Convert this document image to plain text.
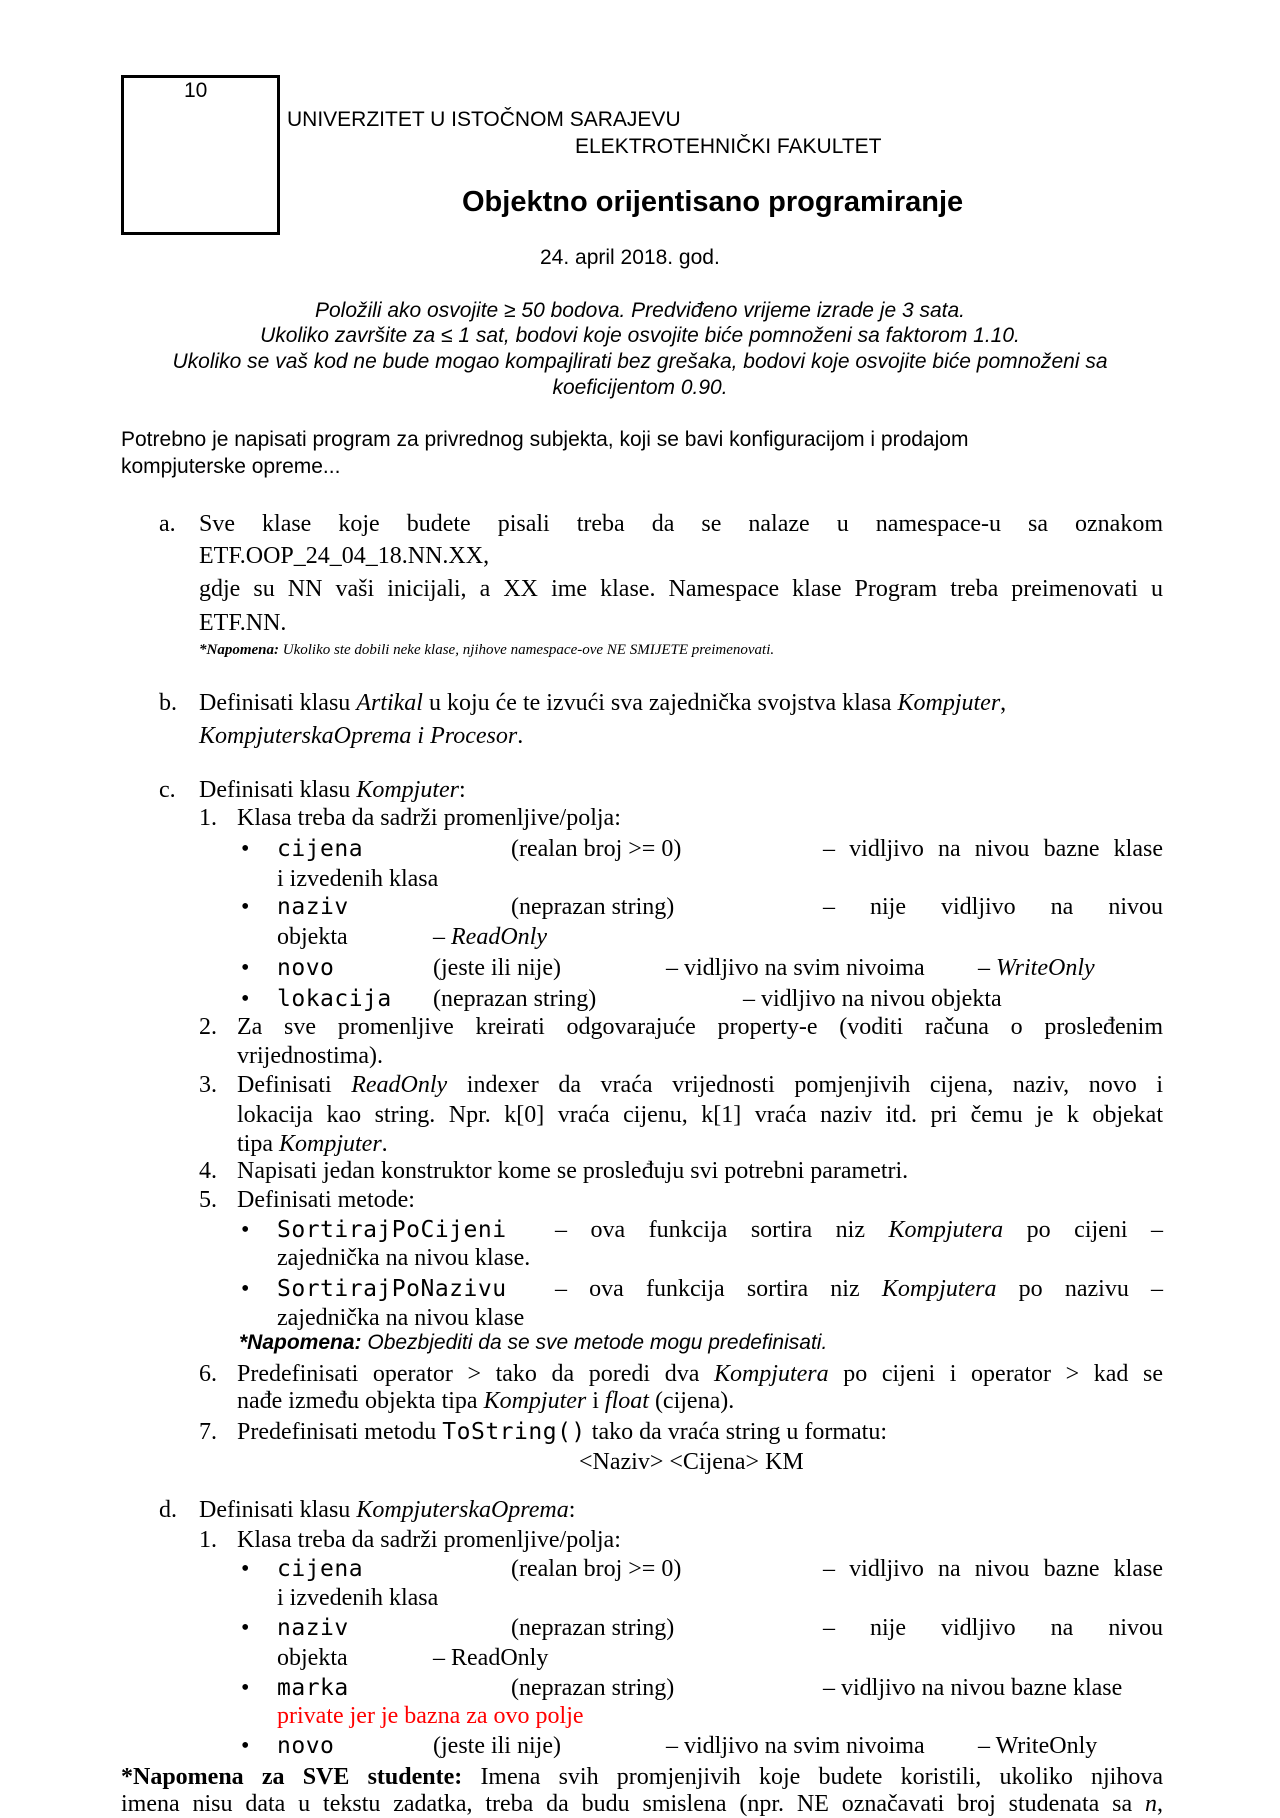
10
UNIVERZITET U ISTOČNOM SARAJEVU
ELEKTROTEHNIČKI FAKULTET
Objektno orijentisano programiranje
24. april 2018. god.
Položili ako osvojite ≥ 50 bodova. Predviđeno vrijeme izrade je 3 sata.
Ukoliko završite za ≤ 1 sat, bodovi koje osvojite biće pomnoženi sa faktorom 1.10.
Ukoliko se vaš kod ne bude mogao kompajlirati bez grešaka, bodovi koje osvojite biće pomnoženi sa
koeficijentom 0.90.
Potrebno je napisati program za privrednog subjekta, koji se bavi konfiguracijom i prodajom
kompjuterske opreme...
a. Sve klase koje budete pisali treba da se nalaze u namespace-u sa oznakom
ETF.OOP_24_04_18.NN.XX,
gdje su NN vaši inicijali, a XX ime klase. Namespace klase Program treba preimenovati u
ETF.NN.
*Napomena: Ukoliko ste dobili neke klase, njihove namespace-ove NE SMIJETE preimenovati.
b. Definisati klasu Artikal u koju će te izvući sva zajednička svojstva klasa Kompjuter,
KompjuterskaOprema i Procesor.
c. Definisati klasu Kompjuter:
1. Klasa treba da sadrži promenljive/polja:
• cijena	(realan broj >= 0)	– vidljivo na nivou bazne klase
i izvedenih klasa
• naziv	(neprazan string)	– nije vidljivo na nivou
objekta	– ReadOnly
• novo	(jeste ili nije)	– vidljivo na svim nivoima – WriteOnly
• lokacija (neprazan string)	– vidljivo na nivou objekta
2. Za sve promenljive kreirati odgovarajuće property-e (voditi računa o prosleđenim
vrijednostima).
3. Definisati ReadOnly indexer da vraća vrijednosti pomjenjivih cijena, naziv, novo i
lokacija kao string. Npr. k[0] vraća cijenu, k[1] vraća naziv itd. pri čemu je k objekat
tipa Kompjuter.
4. Napisati jedan konstruktor kome se prosleđuju svi potrebni parametri.
5. Definisati metode:
• SortirajPoCijeni – ova funkcija sortira niz Kompjutera po cijeni –
zajednička na nivou klase.
• SortirajPoNazivu – ova funkcija sortira niz Kompjutera po nazivu –
zajednička na nivou klase
*Napomena: Obezbjediti da se sve metode mogu predefinisati.
6. Predefinisati operator > tako da poredi dva Kompjutera po cijeni i operator > kad se
nađe između objekta tipa Kompjuter i float (cijena).
7. Predefinisati metodu ToString() tako da vraća string u formatu:
<Naziv> <Cijena> KM
d. Definisati klasu KompjuterskaOprema:
1. Klasa treba da sadrži promenljive/polja:
• cijena	(realan broj >= 0)	– vidljivo na nivou bazne klase
i izvedenih klasa
• naziv	(neprazan string)	– nije vidljivo na nivou
objekta	– ReadOnly
• marka	(neprazan string)	– vidljivo na nivou bazne klase
private jer je bazna za ovo polje
• novo	(jeste ili nije)	– vidljivo na svim nivoima – WriteOnly
*Napomena za SVE studente: Imena svih promjenjivih koje budete koristili, ukoliko njihova
imena nisu data u tekstu zadatka, treba da budu smislena (npr. NE označavati broj studenata sa n,
